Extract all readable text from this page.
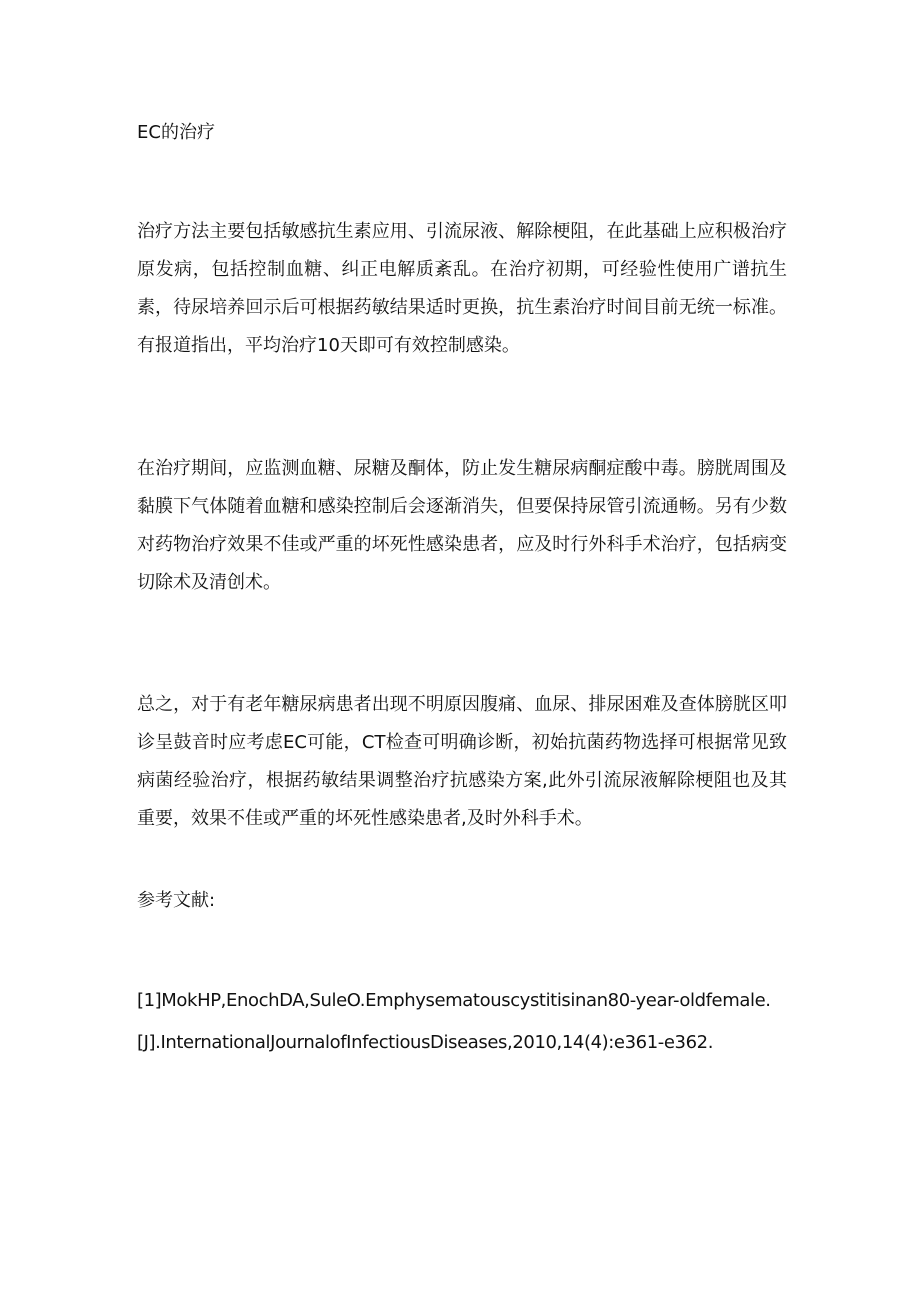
EC的治疗

治疗方法主要包括敏感抗生素应用、引流尿液、解除梗阻，在此基础上应积极治疗原发病，包括控制血糖、纠正电解质紊乱。在治疗初期，可经验性使用广谱抗生素，待尿培养回示后可根据药敏结果适时更换，抗生素治疗时间目前无统一标准。有报道指出，平均治疗10天即可有效控制感染。

在治疗期间，应监测血糖、尿糖及酮体，防止发生糖尿病酮症酸中毒。膀胱周围及黏膜下气体随着血糖和感染控制后会逐渐消失，但要保持尿管引流通畅。另有少数对药物治疗效果不佳或严重的坏死性感染患者，应及时行外科手术治疗，包括病变切除术及清创术。

总之，对于有老年糖尿病患者出现不明原因腹痛、血尿、排尿困难及查体膀胱区叩诊呈鼓音时应考虑EC可能，CT检查可明确诊断，初始抗菌药物选择可根据常见致病菌经验治疗，根据药敏结果调整治疗抗感染方案,此外引流尿液解除梗阻也及其重要，效果不佳或严重的坏死性感染患者,及时外科手术。

参考文献:

[1]MokHP,EnochDA,SuleO.Emphysematouscystitisinan80-year-oldfemale.[J].InternationalJournalofInfectiousDiseases,2010,14(4):e361-e362.
